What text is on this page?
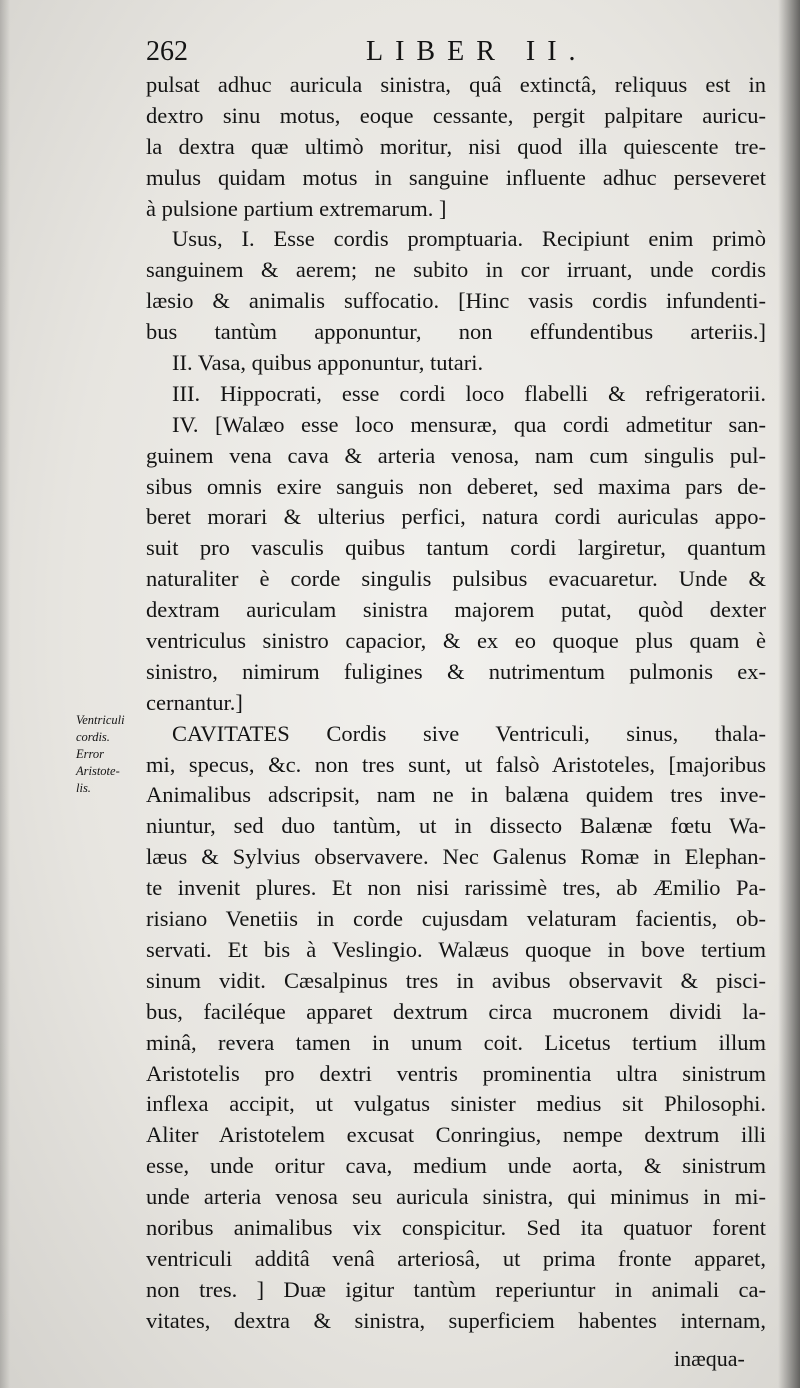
262	LIBER II.
Ventriculi
cordis.
Error
Aristote-
lis.
pulsat adhuc auricula sinistra, quâ extinctâ, reliquus est in
dextro sinu motus, eoque cessante, pergit palpitare auricu-
la dextra quæ ultimò moritur, nisi quod illa quiescente tre-
mulus quidam motus in sanguine influente adhuc perseveret
à pulsione partium extremarum. ]
Usus, I. Esse cordis promptuaria. Recipiunt enim primò
sanguinem & aerem; ne subito in cor irruant, unde cordis
læsio & animalis suffocatio. [Hinc vasis cordis infundenti-
bus tantùm apponuntur, non effundentibus arteriis.]
II. Vasa, quibus apponuntur, tutari.
III. Hippocrati, esse cordi loco flabelli & refrigeratorii.
IV. [Walæo esse loco mensuræ, qua cordi admetitur san-
guinem vena cava & arteria venosa, nam cum singulis pul-
sibus omnis exire sanguis non deberet, sed maxima pars de-
beret morari & ulterius perfici, natura cordi auriculas appo-
suit pro vasculis quibus tantum cordi largiretur, quantum
naturaliter è corde singulis pulsibus evacuaretur. Unde &
dextram auriculam sinistra majorem putat, quòd dexter
ventriculus sinistro capacior, & ex eo quoque plus quam è
sinistro, nimirum fuligines & nutrimentum pulmonis ex-
cernantur.]
CAVITATES Cordis sive Ventriculi, sinus, thala-
mi, specus, &c. non tres sunt, ut falsò Aristoteles, [majoribus
Animalibus adscripsit, nam ne in balæna quidem tres inve-
niuntur, sed duo tantùm, ut in dissecto Balænæ fœtu Wa-
læus & Sylvius observavere. Nec Galenus Romæ in Elephan-
te invenit plures. Et non nisi rarissimè tres, ab Æmilio Pa-
risiano Venetiis in corde cujusdam velaturam facientis, ob-
servati. Et bis à Veslingio. Walæus quoque in bove tertium
sinum vidit. Cæsalpinus tres in avibus observavit & pisci-
bus, faciléque apparet dextrum circa mucronem dividi la-
minâ, revera tamen in unum coit. Licetus tertium illum
Aristotelis pro dextri ventris prominentia ultra sinistrum
inflexa accipit, ut vulgatus sinister medius sit Philosophi.
Aliter Aristotelem excusat Conringius, nempe dextrum illi
esse, unde oritur cava, medium unde aorta, & sinistrum
unde arteria venosa seu auricula sinistra, qui minimus in mi-
noribus animalibus vix conspicitur. Sed ita quatuor forent
ventriculi additâ venâ arteriosâ, ut prima fronte apparet,
non tres. ] Duæ igitur tantùm reperiuntur in animali ca-
vitates, dextra & sinistra, superficiem habentes internam,
inæqua-
